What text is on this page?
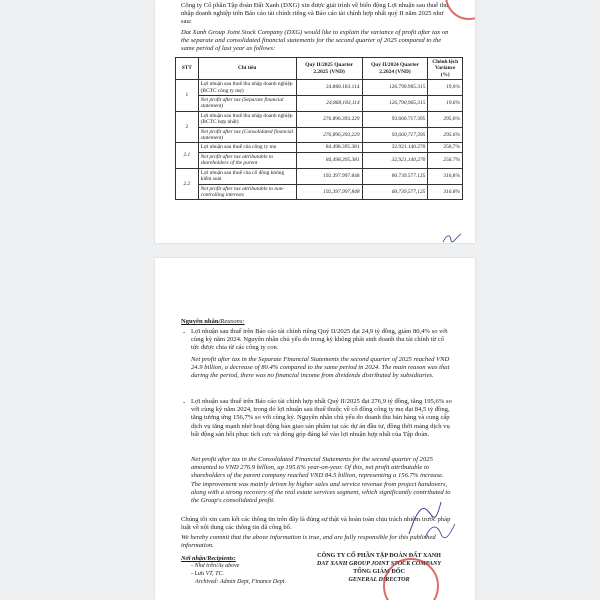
Công ty Cổ phần Tập đoàn Đất Xanh (DXG) xin được giải trình về biến động Lợi nhuận sau thuế thu nhập doanh nghiệp trên Báo cáo tài chính riêng và Báo cáo tài chính hợp nhất quý II năm 2025 như sau:
Dat Xanh Group Joint Stock Company (DXG) would like to explain the variance of profit after tax on the separate and consolidated financial statements for the second quarter of 2025 compared to the same period of last year as follows:
STT	Chỉ tiêu	Quý II/2025 Quarter 2.2025 (VND)	Quý II/2024 Quarter 2.2024 (VND)	Chênh lệch Variance (%)
1	Lợi nhuận sau thuế thu nhập doanh nghiệp (BCTC công ty mẹ)	24.868.183.114	126.790.965.315	19,6%
	Net profit after tax (Separate financial statement)	24,868,183,114	126,790,965,315	19.6%
2	Lợi nhuận sau thuế thu nhập doanh nghiệp (BCTC hợp nhất)	276.896.393.229	93.660.717.395	295,6%
	Net profit after tax (Consolidated financial statement)	276,896,393,229	93,660,717,395	295.6%
2.1	Lợi nhuận sau thuế của công ty mẹ	84.498.395.381	32.921.140.270	256,7%
	Net profit after tax attributable to shareholders of the parent	84,498,395,381	32,921,140,270	256.7%
2.2	Lợi nhuận sau thuế của cổ đông không kiểm soát	192.397.997.848	60.739.577.125	316,8%
	Net profit after tax attributable to non-controlling interests	192,397,997,848	60,739,577,125	316.8%
Nguyên nhân/Reasons:
- Lợi nhuận sau thuế trên Báo cáo tài chính riêng Quý II/2025 đạt 24,9 tỷ đồng, giảm 80,4% so với cùng kỳ năm 2024. Nguyên nhân chủ yếu do trong kỳ không phát sinh doanh thu tài chính từ cổ tức được chia từ các công ty con.
Net profit after tax in the Separate Financial Statements the second quarter of 2025 reached VND 24.9 billion, a decrease of 80.4% compared to the same period in 2024. The main reason was that during the period, there was no financial income from dividends distributed by subsidiaries.
- Lợi nhuận sau thuế trên Báo cáo tài chính hợp nhất Quý II/2025 đạt 276,9 tỷ đồng, tăng 195,6% so với cùng kỳ năm 2024, trong đó lợi nhuận sau thuế thuộc về cổ đông công ty mẹ đạt 84,5 tỷ đồng, tăng tương ứng 156,7% so với cùng kỳ. Nguyên nhân chủ yếu do doanh thu bán hàng và cung cấp dịch vụ tăng mạnh nhờ hoạt động bàn giao sản phẩm tại các dự án đầu tư, đồng thời mảng dịch vụ bất động sản hồi phục tích cực và đóng góp đáng kể vào lợi nhuận hợp nhất của Tập đoàn.
Net profit after tax in the Consolidated Financial Statements for the second quarter of 2025 amounted to VND 276.9 billion, up 195.6% year-on-year. Of this, net profit attributable to shareholders of the parent company reached VND 84.5 billion, representing a 156.7% increase. The improvement was mainly driven by higher sales and service revenue from project handovers, along with a strong recovery of the real estate services segment, which significantly contributed to the Group's consolidated profit.
Chúng tôi xin cam kết các thông tin trên đây là đúng sự thật và hoàn toàn chịu trách nhiệm trước pháp luật về nội dung các thông tin đã công bố.
We hereby commit that the above information is true, and are fully responsible for this published information.
Nơi nhận/Recipients:
- Như trên/As above
- Lưu VT, TC.
Archived: Admin Dept, Finance Dept.
CÔNG TY CỔ PHẦN TẬP ĐOÀN ĐẤT XANH
DAT XANH GROUP JOINT STOCK COMPANY
TỔNG GIÁM ĐỐC
GENERAL DIRECTOR
